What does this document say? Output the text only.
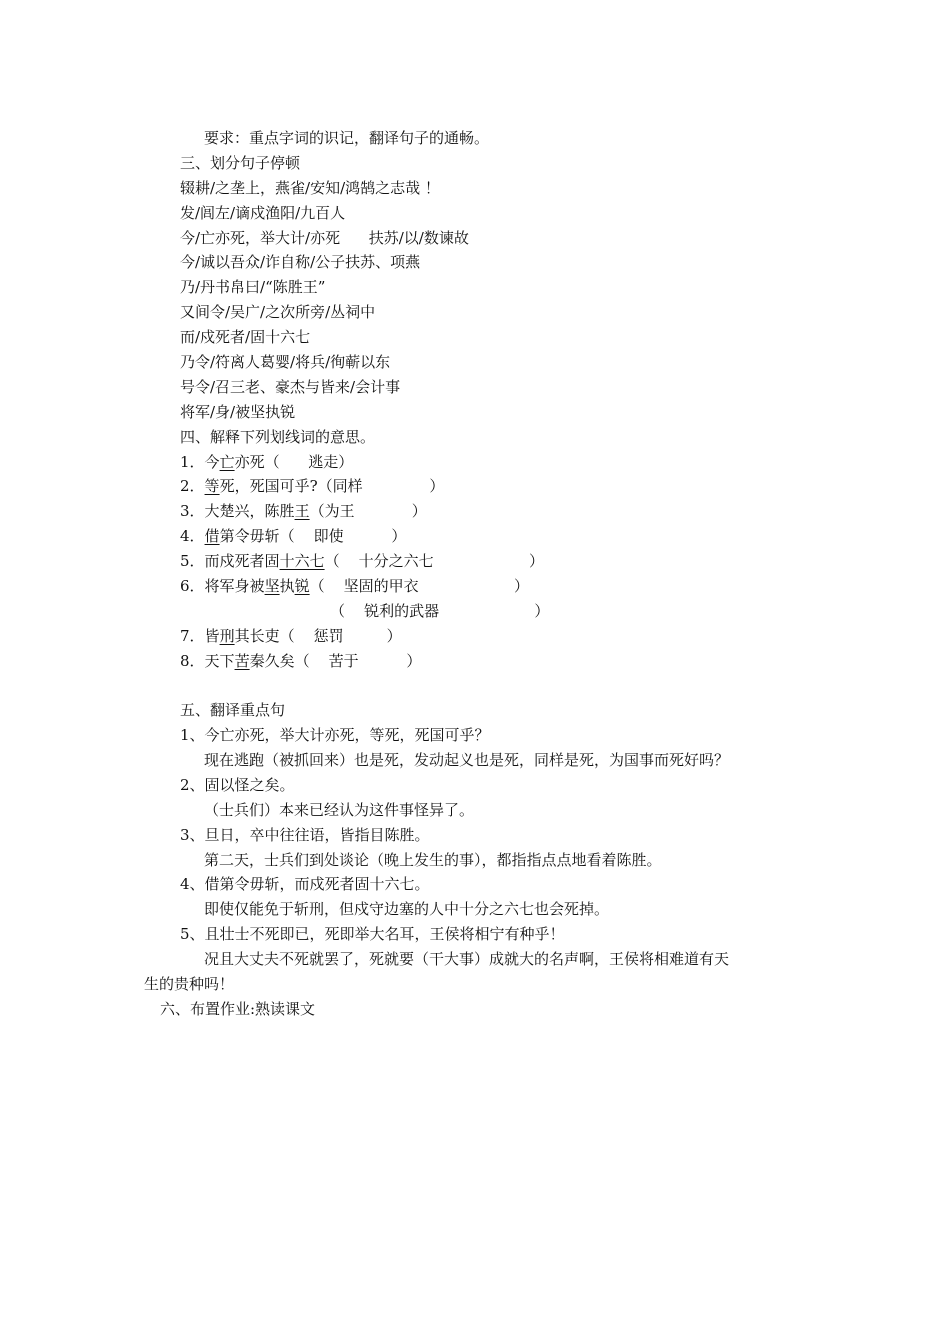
要求：重点字词的识记，翻译句子的通畅。
三、划分句子停顿
辍耕/之垄上，燕雀/安知/鸿鹄之志哉 ！
发/闾左/谪戍渔阳/九百人
今/亡亦死，举大计/亦死      扶苏/以/数谏故
今/诚以吾众/诈自称/公子扶苏、项燕
乃/丹书帛曰/“陈胜王”
又间令/吴广/之次所旁/丛祠中
而/戍死者/固十六七
乃令/符离人葛婴/将兵/徇蕲以东
号令/召三老、豪杰与皆来/会计事
将军/身/被坚执锐
四、解释下列划线词的意思。
1．今亡亦死（      逃走）
2．等死，死国可乎?（同样              ）
3．大楚兴，陈胜王（为王            ）
4．借第令毋斩（    即使          ）
5．而戍死者固十六七（    十分之六七                    ）
6．将军身被坚执锐（    坚固的甲衣                    ）
（    锐利的武器                    ）
7．皆刑其长吏（    惩罚         ）
8．天下苦秦久矣（    苦于          ）
五、翻译重点句
1、今亡亦死，举大计亦死，等死，死国可乎？
现在逃跑（被抓回来）也是死，发动起义也是死，同样是死，为国事而死好吗？
2、固以怪之矣。
（士兵们）本来已经认为这件事怪异了。
3、旦日，卒中往往语，皆指目陈胜。
第二天，士兵们到处谈论（晚上发生的事），都指指点点地看着陈胜。
4、借第令毋斩，而戍死者固十六七。
即使仅能免于斩刑，但戍守边塞的人中十分之六七也会死掉。
5、且壮士不死即已，死即举大名耳，王侯将相宁有种乎！
况且大丈夫不死就罢了，死就要（干大事）成就大的名声啊，王侯将相难道有天
生的贵种吗！
六、布置作业:熟读课文
